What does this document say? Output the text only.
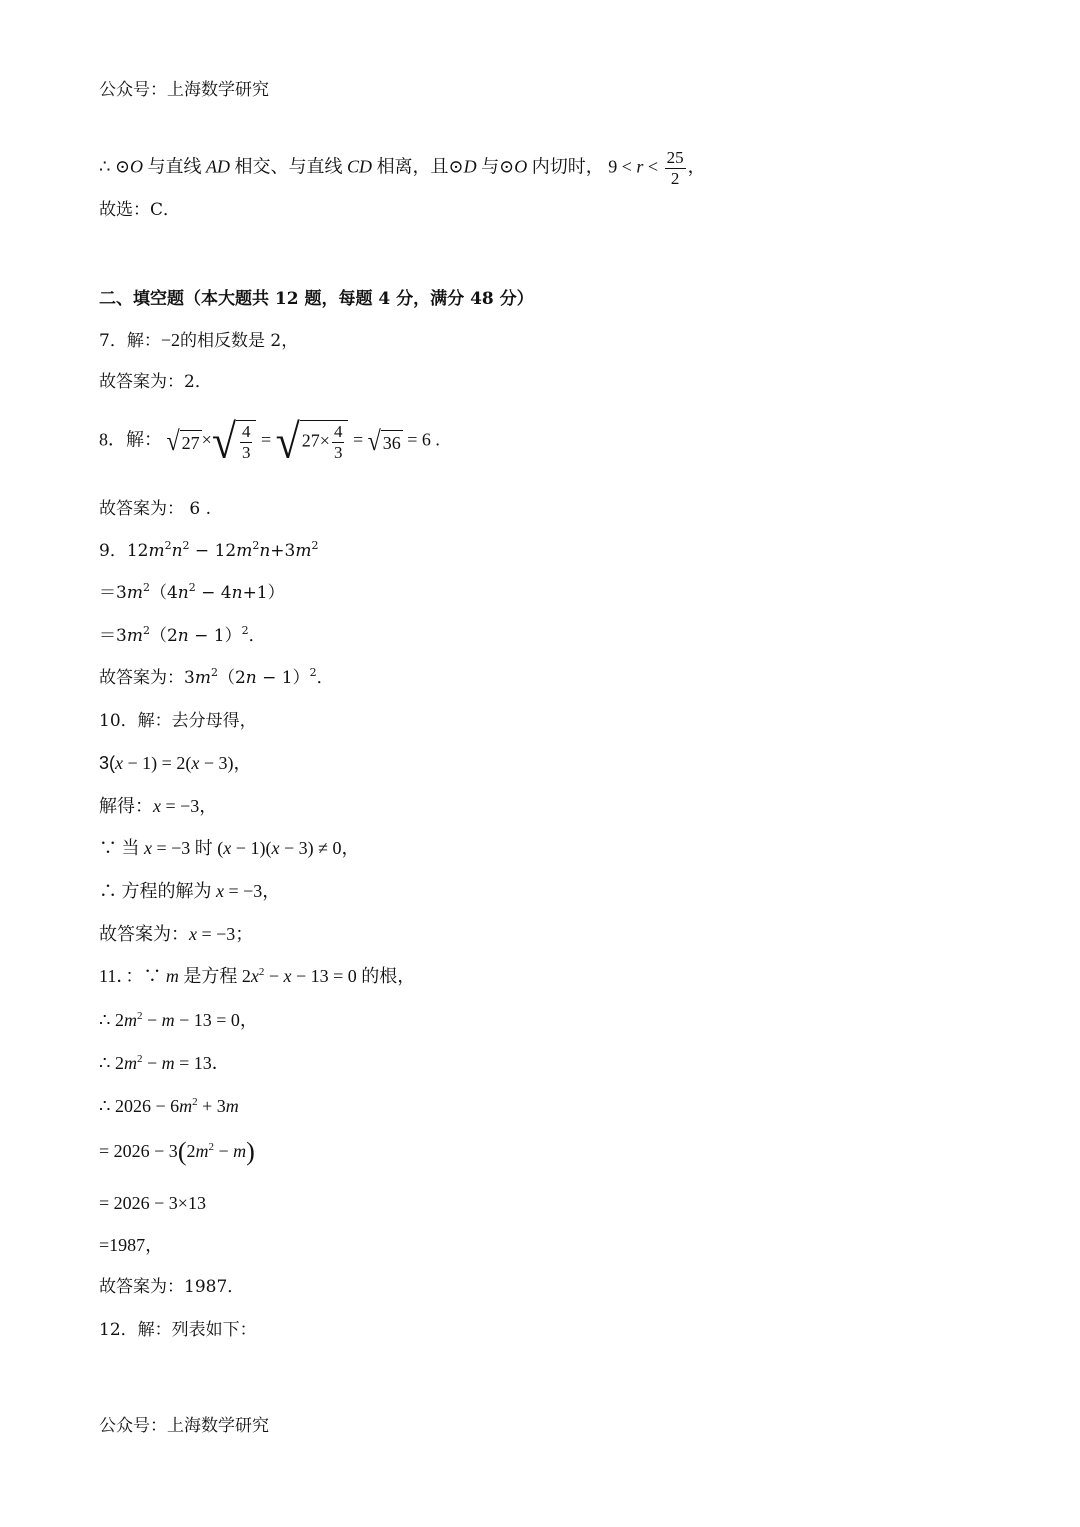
公众号：上海数学研究
∴ ⊙O 与直线 AD 相交、与直线 CD 相离，且⊙D 与⊙O 内切时， $9 < r < \frac{25}{2}$ ，
故选：C．
二、填空题（本大题共 12 题，每题 4 分，满分 48 分）
7．解：−2的相反数是 2，
故答案为：2．
8．解： √ 27 ×√ $\frac{4}{3}$ = √ $27\times \frac{4}{3}$ = √ 36 = 6 .
故答案为： 6 .
9．$12m^2n^2 - 12m^2n+3m^2$
$=3m^2(4n^2 - 4n+1)$
$=3m^2(2n - 1)^2$．
故答案为：$3m^2(2n - 1)^2$．
10．解：去分母得，
3(x − 1) = 2(x − 3)，
解得：x = −3，
∵ 当 x = −3 时 (x − 1)(x − 3) ≠ 0，
∴ 方程的解为 x = −3，
故答案为：x = −3；
11．：∵ m 是方程 $2x^2 - x - 13 = 0$ 的根，
∴ $2m^2 - m - 13 = 0$，
∴ $2m^2 - m = 13$．
∴ $2026 - 6m^2 + 3m$
= $2026 - 3(2m^2 - m)$
= 2026 − 3×13
=1987，
故答案为：1987．
12．解：列表如下：
公众号：上海数学研究
